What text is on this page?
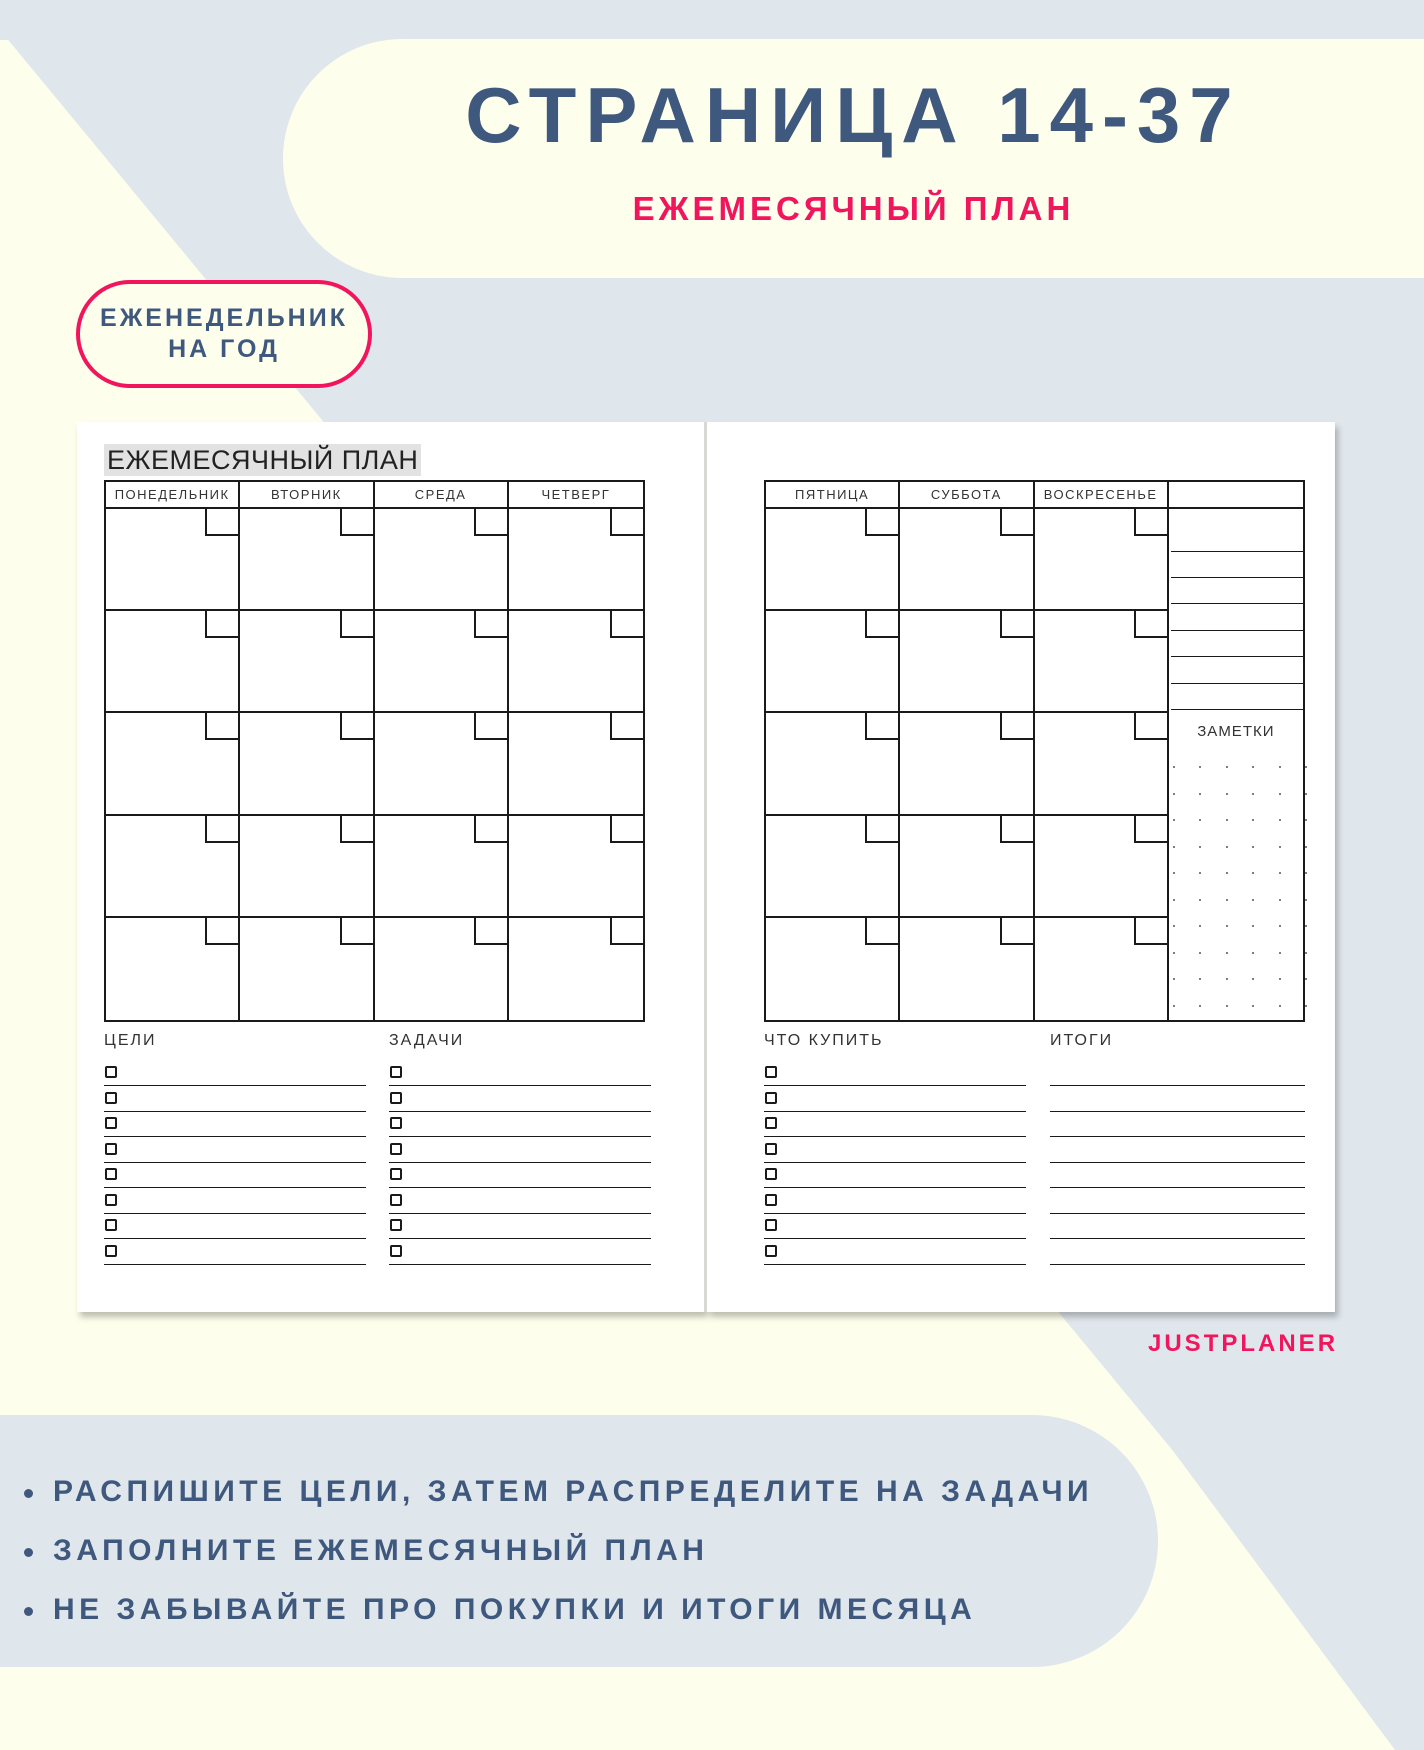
СТРАНИЦА 14-37
ЕЖЕМЕСЯЧНЫЙ ПЛАН
ЕЖЕНЕДЕЛЬНИК
НА ГОД
ЕЖЕМЕСЯЧНЫЙ ПЛАН
ПОНЕДЕЛЬНИК	ВТОРНИК	СРЕДА	ЧЕТВЕРГ
ЦЕЛИ	ЗАДАЧИ
ПЯТНИЦА	СУББОТА	ВОСКРЕСЕНЬЕ
ЗАМЕТКИ
ЧТО КУПИТЬ	ИТОГИ
JUSTPLANER
РАСПИШИТЕ ЦЕЛИ, ЗАТЕМ РАСПРЕДЕЛИТЕ НА ЗАДАЧИ
ЗАПОЛНИТЕ ЕЖЕМЕСЯЧНЫЙ ПЛАН
НЕ ЗАБЫВАЙТЕ ПРО ПОКУПКИ И ИТОГИ МЕСЯЦА
